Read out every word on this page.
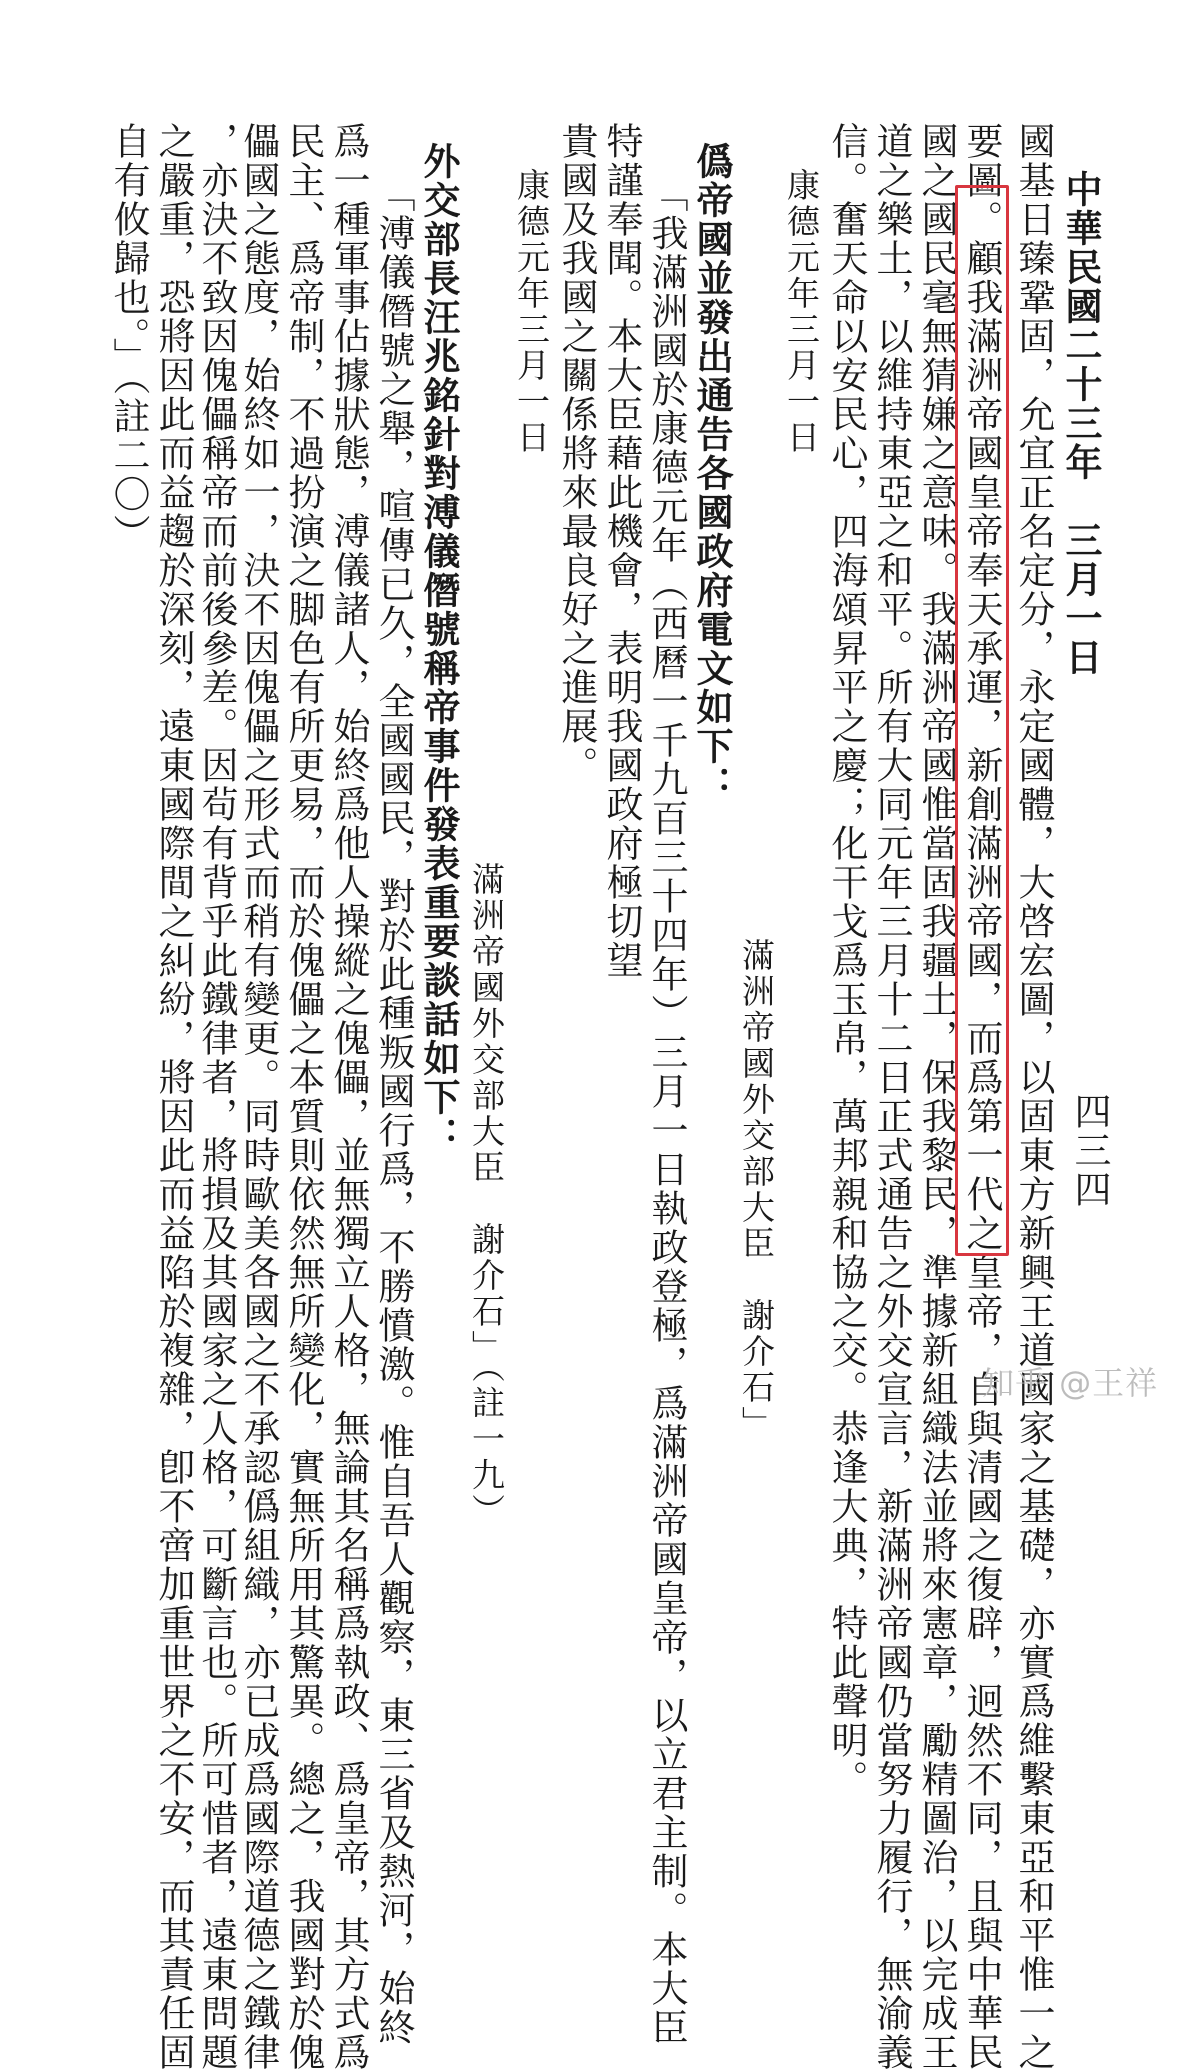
中華民國二十三年　三月一日
四三四
國基日臻鞏固，允宜正名定分，永定國體，大啓宏圖，以固東方新興王道國家之基礎，亦實爲維繫東亞和平惟一之
要圖。顧我滿洲帝國皇帝奉天承運，新創滿洲帝國，而爲第一代之皇帝，自與清國之復辟，迥然不同，且與中華民
國之國民毫無猜嫌之意味。我滿洲帝國惟當固我疆土，保我黎民，準據新組織法並將來憲章，勵精圖治，以完成王
道之樂土，以維持東亞之和平。所有大同元年三月十二日正式通告之外交宣言，新滿洲帝國仍當努力履行，無渝義
信。奮天命以安民心，四海頌昇平之慶；化干戈爲玉帛，萬邦親和協之交。恭逢大典，特此聲明。
康德元年三月一日
滿洲帝國外交部大臣　謝介石」
僞帝國並發出通告各國政府電文如下：
「我滿洲國於康德元年（西曆一千九百三十四年）三月一日執政登極，爲滿洲帝國皇帝，以立君主制。本大臣
特謹奉聞。本大臣藉此機會，表明我國政府極切望
貴國及我國之關係將來最良好之進展。
康德元年三月一日
滿洲帝國外交部大臣　謝介石」（註一九）
外交部長汪兆銘針對溥儀僭號稱帝事件發表重要談話如下：
「溥儀僭號之舉，喧傳已久，全國國民，對於此種叛國行爲，不勝憤激。惟自吾人觀察，東三省及熱河，始終
爲一種軍事佔據狀態，溥儀諸人，始終爲他人操縱之傀儡，並無獨立人格，無論其名稱爲執政、爲皇帝，其方式爲
民主、爲帝制，不過扮演之脚色有所更易，而於傀儡之本質則依然無所變化，實無所用其驚異。總之，我國對於傀
儡國之態度，始終如一，決不因傀儡之形式而稍有變更。同時歐美各國之不承認僞組織，亦已成爲國際道德之鐵律
，亦決不致因傀儡稱帝而前後參差。因茍有背乎此鐵律者，將損及其國家之人格，可斷言也。所可惜者，遠東問題
之嚴重，恐將因此而益趨於深刻，遠東國際間之糾紛，將因此而益陷於複雜，卽不啻加重世界之不安，而其責任固
自有攸歸也。」（註二〇）
知乎 @王祥
